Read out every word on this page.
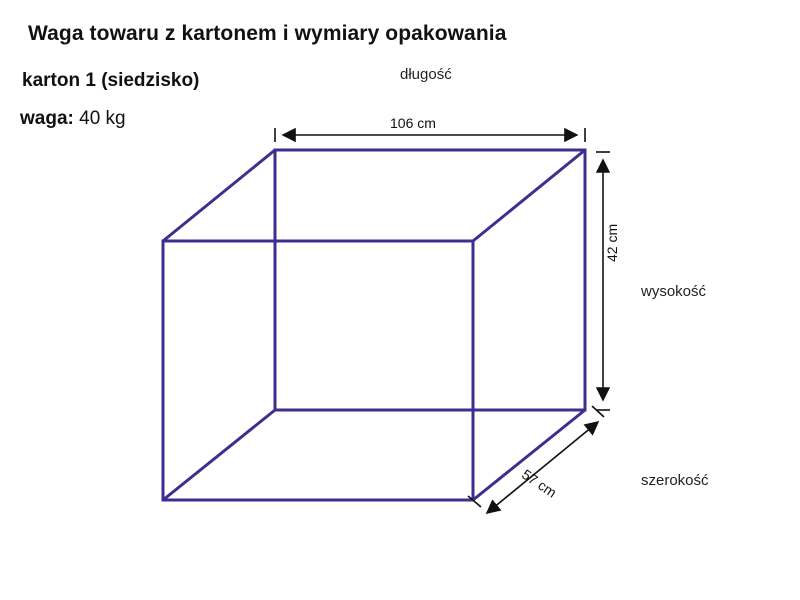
Waga towaru z kartonem i wymiary opakowania
karton 1 (siedzisko)
waga: 40 kg
długość
wysokość
szerokość
106 cm
42 cm
57 cm
